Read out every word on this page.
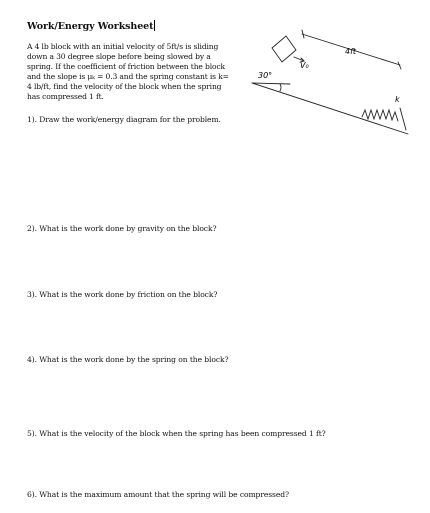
Work/Energy Worksheet
A 4 lb block with an initial velocity of 5ft/s is sliding
down a 30 degree slope before being slowed by a
spring. If the coefficient of friction between the block
and the slope is μₖ = 0.3 and the spring constant is k=
4 lb/ft, find the velocity of the block when the spring
has compressed 1 ft.
1). Draw the work/energy diagram for the problem.
2). What is the work done by gravity on the block?
3). What is the work done by friction on the block?
4). What is the work done by the spring on the block?
5). What is the velocity of the block when the spring has been compressed 1 ft?
6). What is the maximum amount that the spring will be compressed?
30°
4ft
V₀
k
